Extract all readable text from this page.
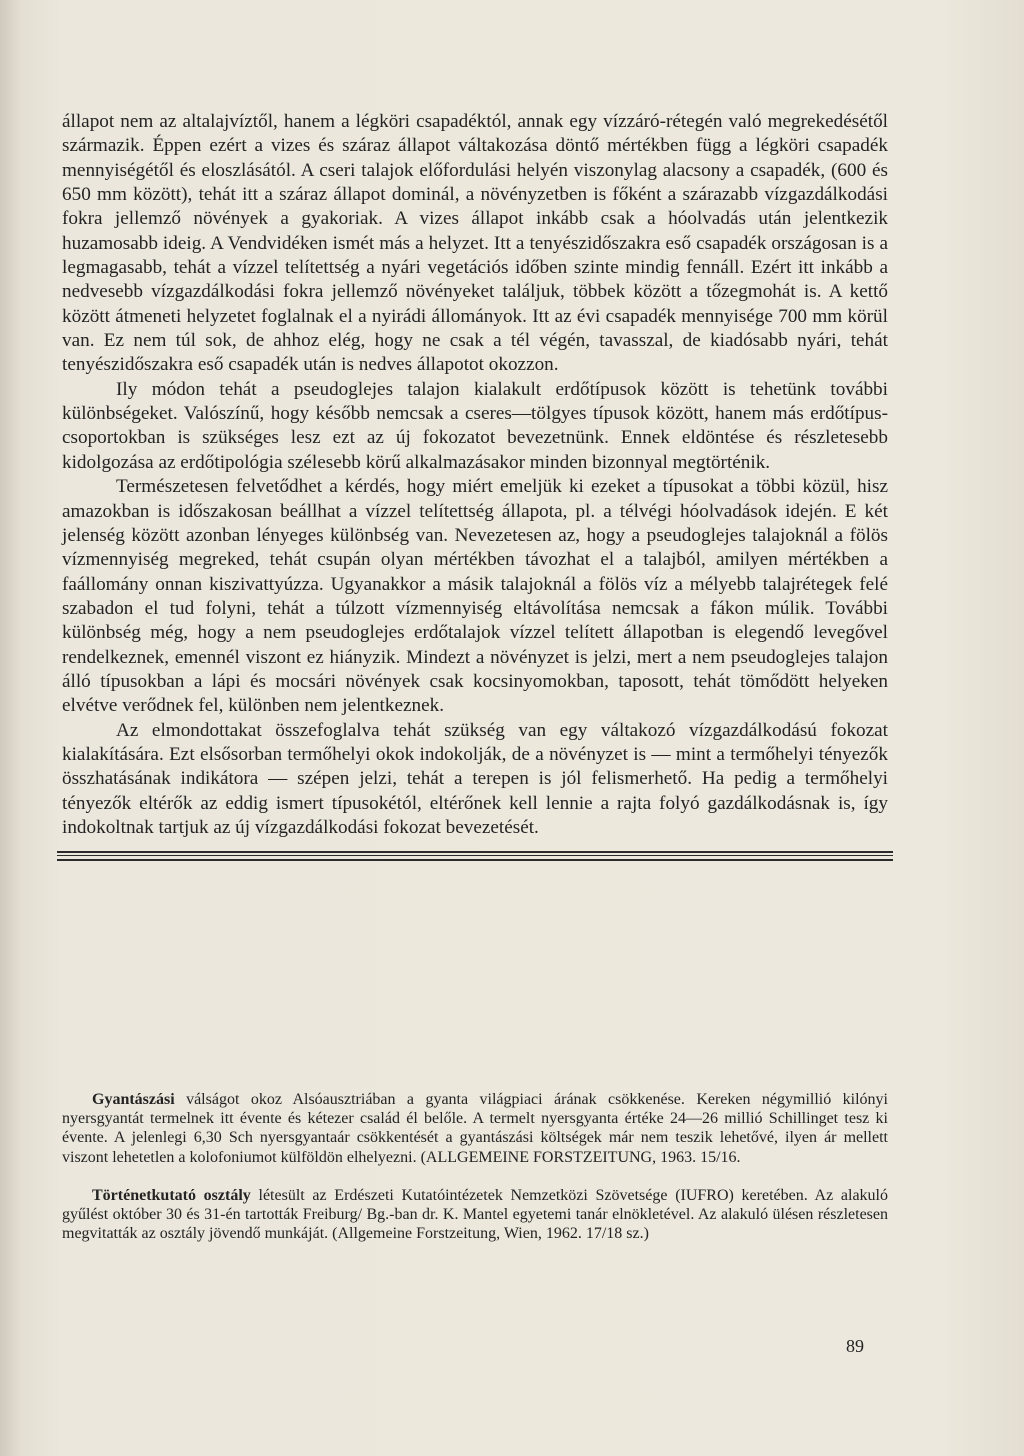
állapot nem az altalajvíztől, hanem a légköri csapadéktól, annak egy vízzáró-rétegén való megrekedésétől származik. Éppen ezért a vizes és száraz állapot váltakozása döntő mértékben függ a légköri csapadék mennyiségétől és eloszlásától. A cseri talajok előfordulási helyén viszonylag alacsony a csapadék, (600 és 650 mm között), tehát itt a száraz állapot dominál, a növényzetben is főként a szárazabb vízgazdálkodási fokra jellemző növények a gyakoriak. A vizes állapot inkább csak a hóolvadás után jelentkezik huzamosabb ideig. A Vendvidéken ismét más a helyzet. Itt a tenyészidőszakra eső csapadék országosan is a legmagasabb, tehát a vízzel telítettség a nyári vegetációs időben szinte mindig fennáll. Ezért itt inkább a nedvesebb vízgazdálkodási fokra jellemző növényeket találjuk, többek között a tőzegmohát is. A kettő között átmeneti helyzetet foglalnak el a nyirádi állományok. Itt az évi csapadék mennyisége 700 mm körül van. Ez nem túl sok, de ahhoz elég, hogy ne csak a tél végén, tavasszal, de kiadósabb nyári, tehát tenyészidőszakra eső csapadék után is nedves állapotot okozzon.

Ily módon tehát a pseudoglejes talajon kialakult erdőtípusok között is tehetünk további különbségeket. Valószínű, hogy később nemcsak a cseres—tölgyes típusok között, hanem más erdőtípus-csoportokban is szükséges lesz ezt az új fokozatot bevezetnünk. Ennek eldöntése és részletesebb kidolgozása az erdőtipológia szélesebb körű alkalmazásakor minden bizonnyal megtörténik.

Természetesen felvetődhet a kérdés, hogy miért emeljük ki ezeket a típusokat a többi közül, hisz amazokban is időszakosan beállhat a vízzel telítettség állapota, pl. a télvégi hóolvadások idején. E két jelenség között azonban lényeges különbség van. Nevezetesen az, hogy a pseudoglejes talajoknál a fölös vízmennyiség megreked, tehát csupán olyan mértékben távozhat el a talajból, amilyen mértékben a faállomány onnan kiszivattyúzza. Ugyanakkor a másik talajoknál a fölös víz a mélyebb talajrétegek felé szabadon el tud folyni, tehát a túlzott vízmennyiség eltávolítása nemcsak a fákon múlik. További különbség még, hogy a nem pseudoglejes erdőtalajok vízzel telített állapotban is elegendő levegővel rendelkeznek, emennél viszont ez hiányzik. Mindezt a növényzet is jelzi, mert a nem pseudoglejes talajon álló típusokban a lápi és mocsári növények csak kocsinyomokban, taposott, tehát tömődött helyeken elvétve verődnek fel, különben nem jelentkeznek.

Az elmondottakat összefoglalva tehát szükség van egy váltakozó vízgazdálkodású fokozat kialakítására. Ezt elsősorban termőhelyi okok indokolják, de a növényzet is — mint a termőhelyi tényezők összhatásának indikátora — szépen jelzi, tehát a terepen is jól felismerhető. Ha pedig a termőhelyi tényezők eltérők az eddig ismert típusokétól, eltérőnek kell lennie a rajta folyó gazdálkodásnak is, így indokoltnak tartjuk az új vízgazdálkodási fokozat bevezetését.

Gyantászási válságot okoz Alsóausztriában a gyanta világpiaci árának csökkenése. Kereken négymillió kilónyi nyersgyantát termelnek itt évente és kétezer család él belőle. A termelt nyersgyanta értéke 24—26 millió Schillinget tesz ki évente. A jelenlegi 6,30 Sch nyersgyantaár csökkentését a gyantászási költségek már nem teszik lehetővé, ilyen ár mellett viszont lehetetlen a kolofoniumot külföldön elhelyezni. (ALLGEMEINE FORSTZEITUNG, 1963. 15/16.

Történetkutató osztály létesült az Erdészeti Kutatóintézetek Nemzetközi Szövetsége (IUFRO) keretében. Az alakuló gyűlést október 30 és 31-én tartották Freiburg/ Bg.-ban dr. K. Mantel egyetemi tanár elnökletével. Az alakuló ülésen részletesen megvitatták az osztály jövendő munkáját. (Allgemeine Forstzeitung, Wien, 1962. 17/18 sz.)

89
